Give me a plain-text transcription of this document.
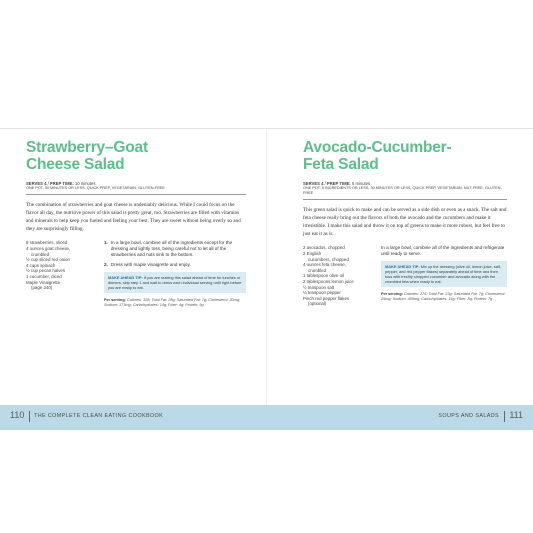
Strawberry–Goat
Cheese Salad
SERVES 4 / PREP TIME: 10 minutes
ONE POT, 30 MINUTES OR LESS, QUICK PREP, VEGETARIAN, GLUTEN-FREE

The combination of strawberries and goat cheese is undeniably delicious. While I could focus on the flavor all day, the nutritive power of this salad is pretty great, too. Strawberries are filled with vitamins and minerals to help keep you fueled and feeling your best. They are sweet without being overly so and they are surprisingly filling.

8 strawberries, sliced
4 ounces goat cheese,
crumbled
½ cup sliced red onion
4 cups spinach
½ cup pecan halves
1 cucumber, diced
Maple Vinaigrette
(page 240)
1. In a large bowl, combine all of the ingredients except for the dressing and lightly toss, being careful not to let all of the strawberries and nuts sink to the bottom.
2. Dress with maple vinaigrette and enjoy.
MAKE AHEAD TIP: If you are making this salad ahead of time for lunches or dinners, skip step 1 and wait to dress each individual serving until right before you are ready to eat.
Per serving: Calories: 328; Total Fat: 28g; Saturated Fat: 7g; Cholesterol: 30mg; Sodium: 173mg; Carbohydrates: 14g; Fiber: 4g; Protein: 9g
Avocado-Cucumber-
Feta Salad
SERVES 4 / PREP TIME: 5 minutes
ONE POT, 5 INGREDIENTS OR LESS, 30 MINUTES OR LESS, QUICK PREP, VEGETARIAN, NUT-FREE, GLUTEN-FREE

This green salad is quick to make and can be served as a side dish or even as a snack. The salt and feta cheese really bring out the flavors of both the avocado and the cucumbers and make it irresistible. I make this salad and throw it on top of greens to make it more robust, but feel free to just eat it as is.

2 avocados, chopped
2 English
cucumbers, chopped
4 ounces feta cheese,
crumbled
1 tablespoon olive oil
2 tablespoons lemon juice
½ teaspoon salt
¼ teaspoon pepper
Pinch red pepper flakes
(optional)
In a large bowl, combine all of the ingredients and refrigerate until ready to serve.
MAKE AHEAD TIP: Mix up the dressing (olive oil, lemon juice, salt, pepper, and red pepper flakes) separately ahead of time and then toss with freshly chopped cucumber and avocado along with the crumbled feta when ready to eat.
Per serving: Calories: 276; Total Fat: 23g; Saturated Fat: 7g; Cholesterol: 25mg; Sodium: 405mg; Carbohydrates: 14g; Fiber: 8g; Protein: 7g
110 THE COMPLETE CLEAN EATING COOKBOOK	SOUPS AND SALADS 111
